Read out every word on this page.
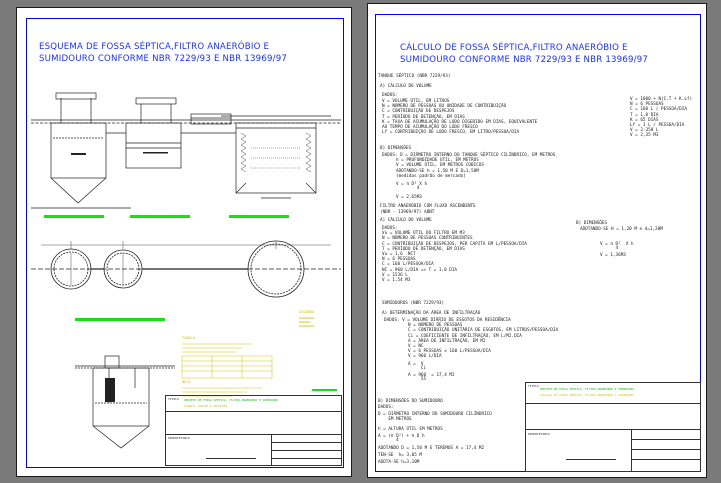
ESQUEMA DE FOSSA SÉPTICA,FILTRO ANAERÓBIO E
SUMIDOURO CONFORME NBR 7229/93 E NBR 13969/97
LEGENDA
▬▬▬▬▬▬▬▬
▬▬▬▬▬▬
▬▬▬▬▬▬▬▬
TABELA
NOTA
TITULO PROJETO DE FOSSA SÉPTICA, FILTRO ANAERÓBIO E SUMIDOURO
PLANTA, CORTES E DETALHES
PROPRIETÁRIO
CÁLCULO DE FOSSA SÉPTICA,FILTRO ANAERÓBIO E
SUMIDOURO CONFORME NBR 7229/93 E NBR 13969/97
TANQUE SÉPTICO (NBR 7229/93)
A) CÁLCULO DO VOLUME
DADOS:
V = VOLUME ÚTIL, EM LITROS
N = NÚMERO DE PESSOAS OU UNIDADE DE CONTRIBUIÇÃO
C = CONTRIBUIÇÃO DE DESPEJOS
T = PERÍODO DE DETENÇÃO, EM DIAS
K = TAXA DE ACUMULAÇÃO DE LODO DIGERIDO EM DIAS, EQUIVALENTE
AO TEMPO DE ACUMULAÇÃO DO LODO FRESCO
Lf = CONTRIBUIÇÃO DE LODO FRESCO, EM LITRO/PESSOA/DIA
V = 1000 + N(C.T + K.Lf)
N = 6 PESSOAS
C = 160 L / PESSOA/DIA
T = 1,0 DIA
K = 65 DIAS
Lf = 1 L / PESSOA/DIA
V = 2.350 L
V = 2,35 M3
B) DIMENSÕES
DADOS: D = DIÂMETRO INTERNO DO TANQUE SÉPTICO CILÍNDRICO, EM METROS
h = PROFUNDIDADE ÚTIL, EM METROS
V = VOLUME ÚTIL, EM METROS CÚBICOS
ADOTANDO-SE h = 1,50 M E D=1,50M
(medidas padrão de mercado)
V = π D² X h
4
V = 2,65M3
FILTRO ANAERÓBIO COM FLUXO ASCENDENTE
(NBR - 13969/97) ABNT
A) CÁLCULO DO VOLUME
DADOS:
Vu = VOLUME ÚTIL DO FILTRO EM M3
N = NÚMERO DE PESSOAS CONTRIBUINTES
C = CONTRIBUIÇÃO DE DESPEJOS, PER CAPITA EM L/PESSOA/DIA
T = PERÍODO DE DETENÇÃO, EM DIAS
Vu = 1,6  NCT
N = 6 PESSOAS
C = 160 L/PESSOA/DIA
NC = 960 L/DIA => T = 1,0 DIA
V = 1536 L
V = 1,54 M3
B) DIMENSÕES
ADOTANDO-SE H = 1,20 M e d=1,20M
V = π D²  X h
4
V = 1,36M3
SUMIDOUROS (NBR 7229/93)
A) DETERMINAÇÃO DA ÁREA DE INFILTRAÇÃO
DADOS: V = VOLUME DIÁRIO DE ESGOTOS DA RESIDÊNCIA
N = NÚMERO DE PESSOAS
C = CONTRIBUIÇÃO UNITÁRIA DE ESGOTOS, EM LITROS/PESSOA/DIA
Ci = COEFICIENTE DE INFILTRAÇÃO, EM L/M2.DIA
A = ÁREA DE INFILTRAÇÃO, EM M2
V = NC
V = 6 PESSOAS x 160 L/PESSOA/DIA
V = 960 L/DIA
A =  V
Ci
A = 960  = 17,4 M2
55
B) DIMENSÕES DO SUMIDOURO
DADOS:
D = DIÂMETRO INTERNO DO SUMIDOURO CILÍNDRICO
EM METROS
h = ALTURA ÚTIL EM METROS
A = (π D²) + π D h
4
ADOTANDO D = 1,50 M E TEREMOS A = 17,4 M2
TEN-SE  h= 3,05 M
ADOTA-SE h=3,10M
TITULO
PROJETO DE FOSSA SÉPTICA, FILTRO ANAERÓBIO E SUMIDOURO
CÁLCULO DA FOSSA SÉPTICA, FILTRO ANAERÓBIO E SUMIDOURO
PROPRIETÁRIO
